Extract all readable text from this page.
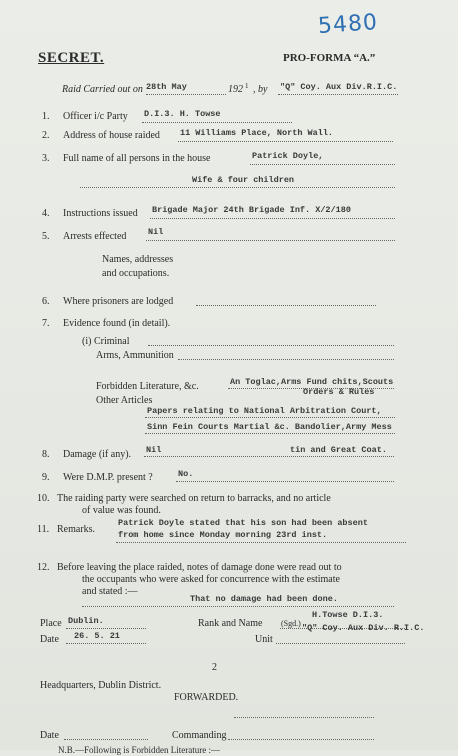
5480
SECRET.	PRO-FORMA “A.”
Raid Carried out on 28th May	192 1 , by "Q" Coy. Aux Div.R.I.C.
1. Officer i/c Party D.I.3. H. Towse
2. Address of house raided 11 Williams Place, North Wall.
3. Full name of all persons in the house	Patrick Doyle,
Wife & four children
4. Instructions issued Brigade Major 24th Brigade Inf. X/2/180
5. Arrests effected	Nil
Names, addresses
and occupations.
6. Where prisoners are lodged
7. Evidence found (in detail).
(i) Criminal
Arms, Ammunition
Forbidden Literature, &c.	An Toglac,Arms Fund chits,Scouts
Orders & Rules
Other Articles
Papers relating to National Arbitration Court,
Sinn Fein Courts Martial &c. Bandolier,Army Mess
8. Damage (if any). Nil	tin and Great Coat.
9. Were D.M.P. present ?	No.
10. The raiding party were searched on return to barracks, and no article
of value was found.
11. Remarks.
Patrick Doyle stated that his son had been absent
from home since Monday morning 23rd inst.
12. Before leaving the place raided, notes of damage done were read out to
the occupants who were asked for concurrence with the estimate
and stated :—
That no damage had been done.
Place Dublin.	Rank and Name (Sgd.)
H.Towse D.I.3.
Date 26. 5. 21	Unit
"Q" Coy. Aux Div. R.I.C.
2
Headquarters, Dublin District.
FORWARDED.
Date	Commanding
N.B.—Following is Forbidden Literature :—
